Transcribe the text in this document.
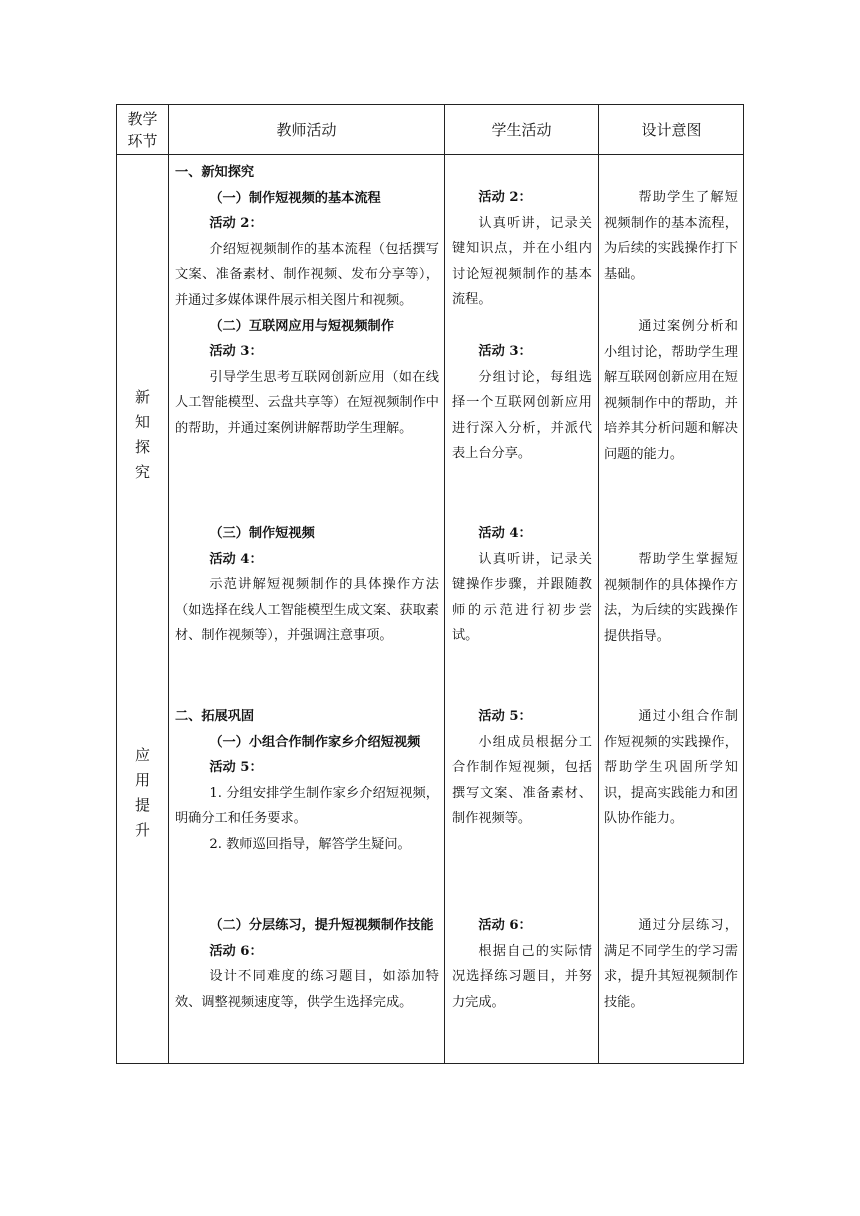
教学环节
教师活动	学生活动	设计意图
新
知
探
究
应
用
提
升

一、新知探究

（一）制作短视频的基本流程

活动 2：

介绍短视频制作的基本流程（包括撰写文案、准备素材、制作视频、发布分享等），并通过多媒体课件展示相关图片和视频。

（二）互联网应用与短视频制作

活动 3：

引导学生思考互联网创新应用（如在线人工智能模型、云盘共享等）在短视频制作中的帮助，并通过案例讲解帮助学生理解。

（三）制作短视频

活动 4：

示范讲解短视频制作的具体操作方法（如选择在线人工智能模型生成文案、获取素材、制作视频等），并强调注意事项。

二、拓展巩固

（一）小组合作制作家乡介绍短视频

活动 5：

1. 分组安排学生制作家乡介绍短视频，明确分工和任务要求。

2. 教师巡回指导，解答学生疑问。

（二）分层练习，提升短视频制作技能

活动 6：

设计不同难度的练习题目，如添加特效、调整视频速度等，供学生选择完成。

活动 2：

认真听讲，记录关键知识点，并在小组内讨论短视频制作的基本流程。

活动 3：

分组讨论，每组选择一个互联网创新应用进行深入分析，并派代表上台分享。

活动 4：

认真听讲，记录关键操作步骤，并跟随教师的示范进行初步尝试。

活动 5：

小组成员根据分工合作制作短视频，包括撰写文案、准备素材、制作视频等。

活动 6：

根据自己的实际情况选择练习题目，并努力完成。

帮助学生了解短视频制作的基本流程，为后续的实践操作打下基础。

通过案例分析和小组讨论，帮助学生理解互联网创新应用在短视频制作中的帮助，并培养其分析问题和解决问题的能力。

帮助学生掌握短视频制作的具体操作方法，为后续的实践操作提供指导。

通过小组合作制作短视频的实践操作，帮助学生巩固所学知识，提高实践能力和团队协作能力。

通过分层练习，满足不同学生的学习需求，提升其短视频制作技能。
